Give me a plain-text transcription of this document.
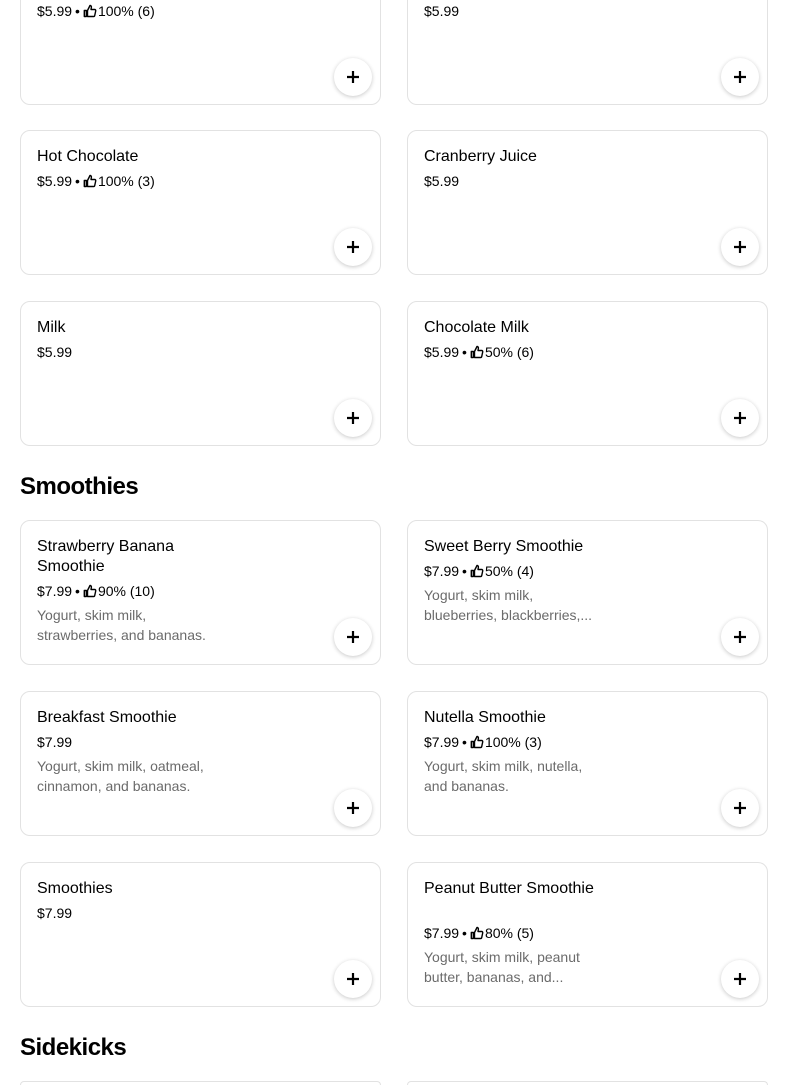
$5.99 • 100% (6)	$5.99
Hot Chocolate
$5.99 • 100% (3)
Cranberry Juice
$5.99
Milk
$5.99
Chocolate Milk
$5.99 • 50% (6)
Smoothies
Strawberry Banana Smoothie
$7.99 • 90% (10)
Yogurt, skim milk, strawberries, and bananas.
Sweet Berry Smoothie
$7.99 • 50% (4)
Yogurt, skim milk, blueberries, blackberries,...
Breakfast Smoothie
$7.99
Yogurt, skim milk, oatmeal, cinnamon, and bananas.
Nutella Smoothie
$7.99 • 100% (3)
Yogurt, skim milk, nutella, and bananas.
Smoothies
$7.99
Peanut Butter Smoothie
$7.99 • 80% (5)
Yogurt, skim milk, peanut butter, bananas, and...
Sidekicks
